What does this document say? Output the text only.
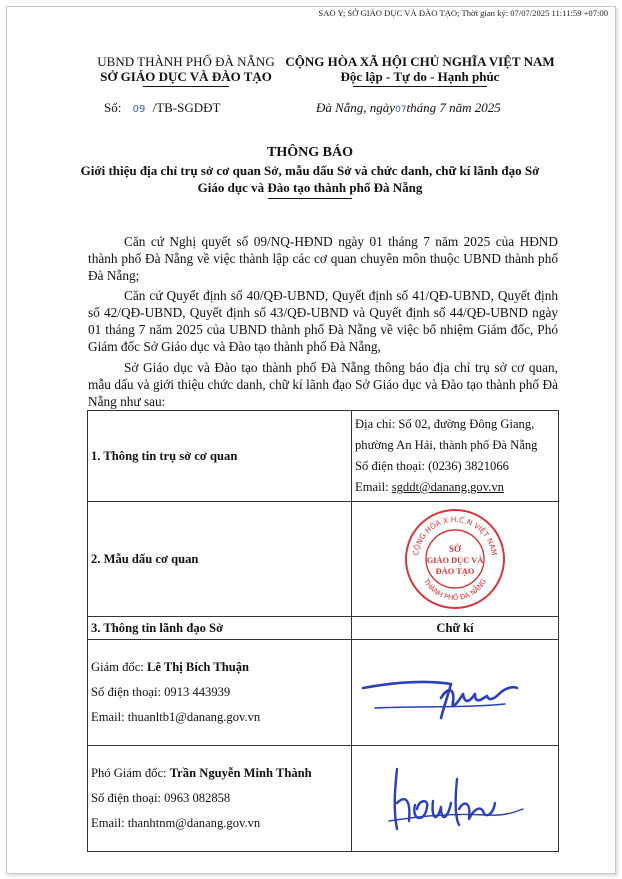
SAO Y; SỞ GIÁO DỤC VÀ ĐÀO TẠO; Thời gian ký: 07/07/2025 11:11:59 +07:00
UBND THÀNH PHỐ ĐÀ NẴNG
SỞ GIÁO DỤC VÀ ĐÀO TẠO
CỘNG HÒA XÃ HỘI CHỦ NGHĨA VIỆT NAM
Độc lập - Tự do - Hạnh phúc
Số: 09 /TB-SGDĐT	Đà Nẵng, ngày07tháng 7 năm 2025
THÔNG BÁO
Giới thiệu địa chỉ trụ sở cơ quan Sở, mẫu dấu Sở và chức danh, chữ kí lãnh đạo Sở Giáo dục và Đào tạo thành phố Đà Nẵng
Căn cứ Nghị quyết số 09/NQ-HĐND ngày 01 tháng 7 năm 2025 của HĐND thành phố Đà Nẵng về việc thành lập các cơ quan chuyên môn thuộc UBND thành phố Đà Nẵng;
Căn cứ Quyết định số 40/QĐ-UBND, Quyết định số 41/QĐ-UBND, Quyết định số 42/QĐ-UBND, Quyết định số 43/QĐ-UBND và Quyết định số 44/QĐ-UBND ngày 01 tháng 7 năm 2025 của UBND thành phố Đà Nẵng về việc bổ nhiệm Giám đốc, Phó Giám đốc Sở Giáo dục và Đào tạo thành phố Đà Nẵng,
Sở Giáo dục và Đào tạo thành phố Đà Nẵng thông báo địa chỉ trụ sở cơ quan, mẫu dấu và giới thiệu chức danh, chữ kí lãnh đạo Sở Giáo dục và Đào tạo thành phố Đà Nẵng như sau:
1. Thông tin trụ sở cơ quan	Địa chỉ: Số 02, đường Đông Giang,
phường An Hải, thành phố Đà Nẵng
Số điện thoại: (0236) 3821066
Email: sgddt@danang.gov.vn

2. Mẫu dấu cơ quan	CỘNG HÒA X.H.C.N VIỆT NAM
THÀNH PHỐ ĐÀ NẴNG
SỞ
GIÁO DỤC VÀ
ĐÀO TẠO

3. Thông tin lãnh đạo Sở	Chữ kí

Giám đốc: Lê Thị Bích Thuận
Số điện thoại: 0913 443939
Email: thuanltb1@danang.gov.vn

Phó Giám đốc: Trần Nguyễn Minh Thành
Số điện thoại: 0963 082858
Email: thanhtnm@danang.gov.vn
